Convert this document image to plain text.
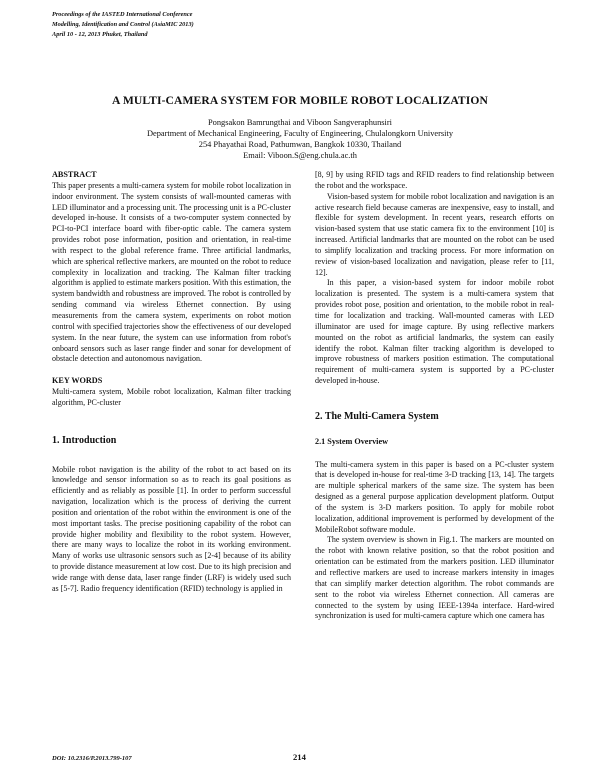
Proceedings of the IASTED International Conference
Modelling, Identification and Control (AsiaMIC 2013)
April 10 - 12, 2013 Phuket, Thailand
A MULTI-CAMERA SYSTEM FOR MOBILE ROBOT LOCALIZATION
Pongsakon Bamrungthai and Viboon Sangveraphunsiri
Department of Mechanical Engineering, Faculty of Engineering, Chulalongkorn University
254 Phayathai Road, Pathumwan, Bangkok 10330, Thailand
Email: Viboon.S@eng.chula.ac.th
ABSTRACT
This paper presents a multi-camera system for mobile robot localization in indoor environment. The system consists of wall-mounted cameras with LED illuminator and a processing unit. The processing unit is a PC-cluster developed in-house. It consists of a two-computer system connected by PCI-to-PCI interface board with fiber-optic cable. The camera system provides robot pose information, position and orientation, in real-time with respect to the global reference frame. Three artificial landmarks, which are spherical reflective markers, are mounted on the robot to reduce complexity in localization and tracking. The Kalman filter tracking algorithm is applied to estimate markers position. With this estimation, the system bandwidth and robustness are improved. The robot is controlled by sending command via wireless Ethernet connection. By using measurements from the camera system, experiments on robot motion control with specified trajectories show the effectiveness of our developed system. In the near future, the system can use information from robot's onboard sensors such as laser range finder and sonar for development of obstacle detection and autonomous navigation.
KEY WORDS
Multi-camera system, Mobile robot localization, Kalman filter tracking algorithm, PC-cluster
1. Introduction
Mobile robot navigation is the ability of the robot to act based on its knowledge and sensor information so as to reach its goal positions as efficiently and as reliably as possible [1]. In order to perform successful navigation, localization which is the process of deriving the current position and orientation of the robot within the environment is one of the most important tasks. The precise positioning capability of the robot can provide higher mobility and flexibility to the robot system. However, there are many ways to localize the robot in its working environment. Many of works use ultrasonic sensors such as [2-4] because of its ability to provide distance measurement at low cost. Due to its high precision and wide range with dense data, laser range finder (LRF) is widely used such as [5-7]. Radio frequency identification (RFID) technology is applied in
[8, 9] by using RFID tags and RFID readers to find relationship between the robot and the workspace.
Vision-based system for mobile robot localization and navigation is an active research field because cameras are inexpensive, easy to install, and flexible for system development. In recent years, research efforts on vision-based system that use static camera fix to the environment [10] is increased. Artificial landmarks that are mounted on the robot can be used to simplify localization and tracking process. For more information on review of vision-based localization and navigation, please refer to [11, 12].
In this paper, a vision-based system for indoor mobile robot localization is presented. The system is a multi-camera system that provides robot pose, position and orientation, to the mobile robot in real-time for localization and tracking. Wall-mounted cameras with LED illuminator are used for image capture. By using reflective markers mounted on the robot as artificial landmarks, the system can easily identify the robot. Kalman filter tracking algorithm is developed to improve robustness of markers position estimation. The computational requirement of multi-camera system is supported by a PC-cluster developed in-house.
2. The Multi-Camera System
2.1 System Overview
The multi-camera system in this paper is based on a PC-cluster system that is developed in-house for real-time 3-D tracking [13, 14]. The targets are multiple spherical markers of the same size. The system has been designed as a general purpose application development platform. Output of the system is 3-D markers position. To apply for mobile robot localization, additional improvement is performed by development of the MobileRobot software module.
The system overview is shown in Fig.1. The markers are mounted on the robot with known relative position, so that the robot position and orientation can be estimated from the markers position. LED illuminator and reflective markers are used to increase markers intensity in images that can simplify marker detection algorithm. The robot commands are sent to the robot via wireless Ethernet connection. All cameras are connected to the system by using IEEE-1394a interface. Hard-wired synchronization is used for multi-camera capture which one camera has
DOI: 10.2316/P.2013.799-107	214
